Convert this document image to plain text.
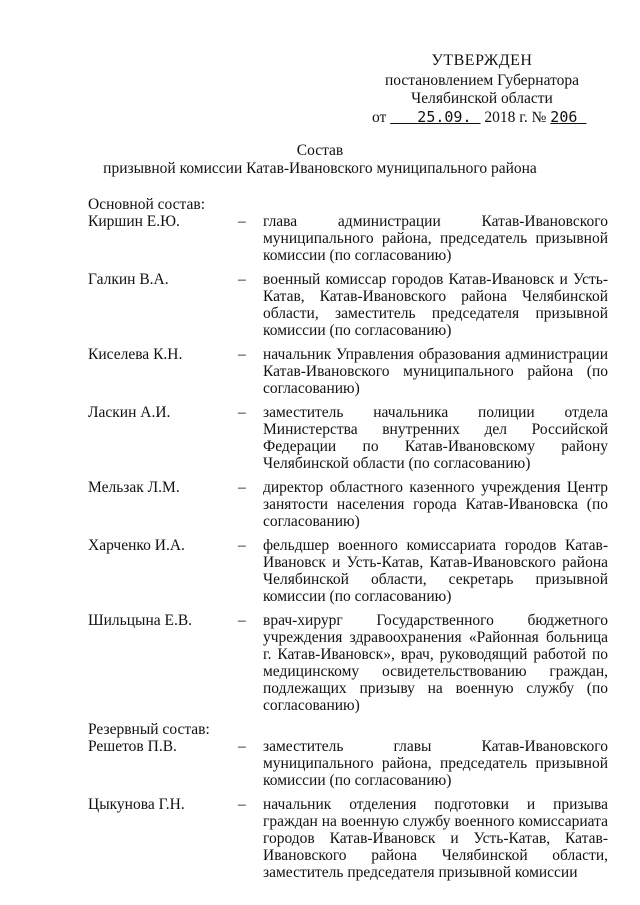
УТВЕРЖДЕН
постановлением Губернатора
Челябинской области
от 25.09. 2018 г. № 206
Состав
призывной комиссии Катав-Ивановского муниципального района
Основной состав:
Киршин Е.Ю.	–	глава администрации Катав-Ивановского муниципального района, председатель призывной комиссии (по согласованию)
Галкин В.А.	–	военный комиссар городов Катав-Ивановск и Усть-Катав, Катав-Ивановского района Челябинской области, заместитель председателя призывной комиссии (по согласованию)
Киселева К.Н.	–	начальник Управления образования администрации Катав-Ивановского муниципального района (по согласованию)
Ласкин А.И.	–	заместитель начальника полиции отдела Министерства внутренних дел Российской Федерации по Катав-Ивановскому району Челябинской области (по согласованию)
Мельзак Л.М.	–	директор областного казенного учреждения Центр занятости населения города Катав-Ивановска (по согласованию)
Харченко И.А.	–	фельдшер военного комиссариата городов Катав-Ивановск и Усть-Катав, Катав-Ивановского района Челябинской области, секретарь призывной комиссии (по согласованию)
Шильцына Е.В.	–	врач-хирург Государственного бюджетного учреждения здравоохранения «Районная больница г. Катав-Ивановск», врач, руководящий работой по медицинскому освидетельствованию граждан, подлежащих призыву на военную службу (по согласованию)
Резервный состав:
Решетов П.В.	–	заместитель главы Катав-Ивановского муниципального района, председатель призывной комиссии (по согласованию)
Цыкунова Г.Н.	–	начальник отделения подготовки и призыва граждан на военную службу военного комиссариата городов Катав-Ивановск и Усть-Катав, Катав-Ивановского района Челябинской области, заместитель председателя призывной комиссии
